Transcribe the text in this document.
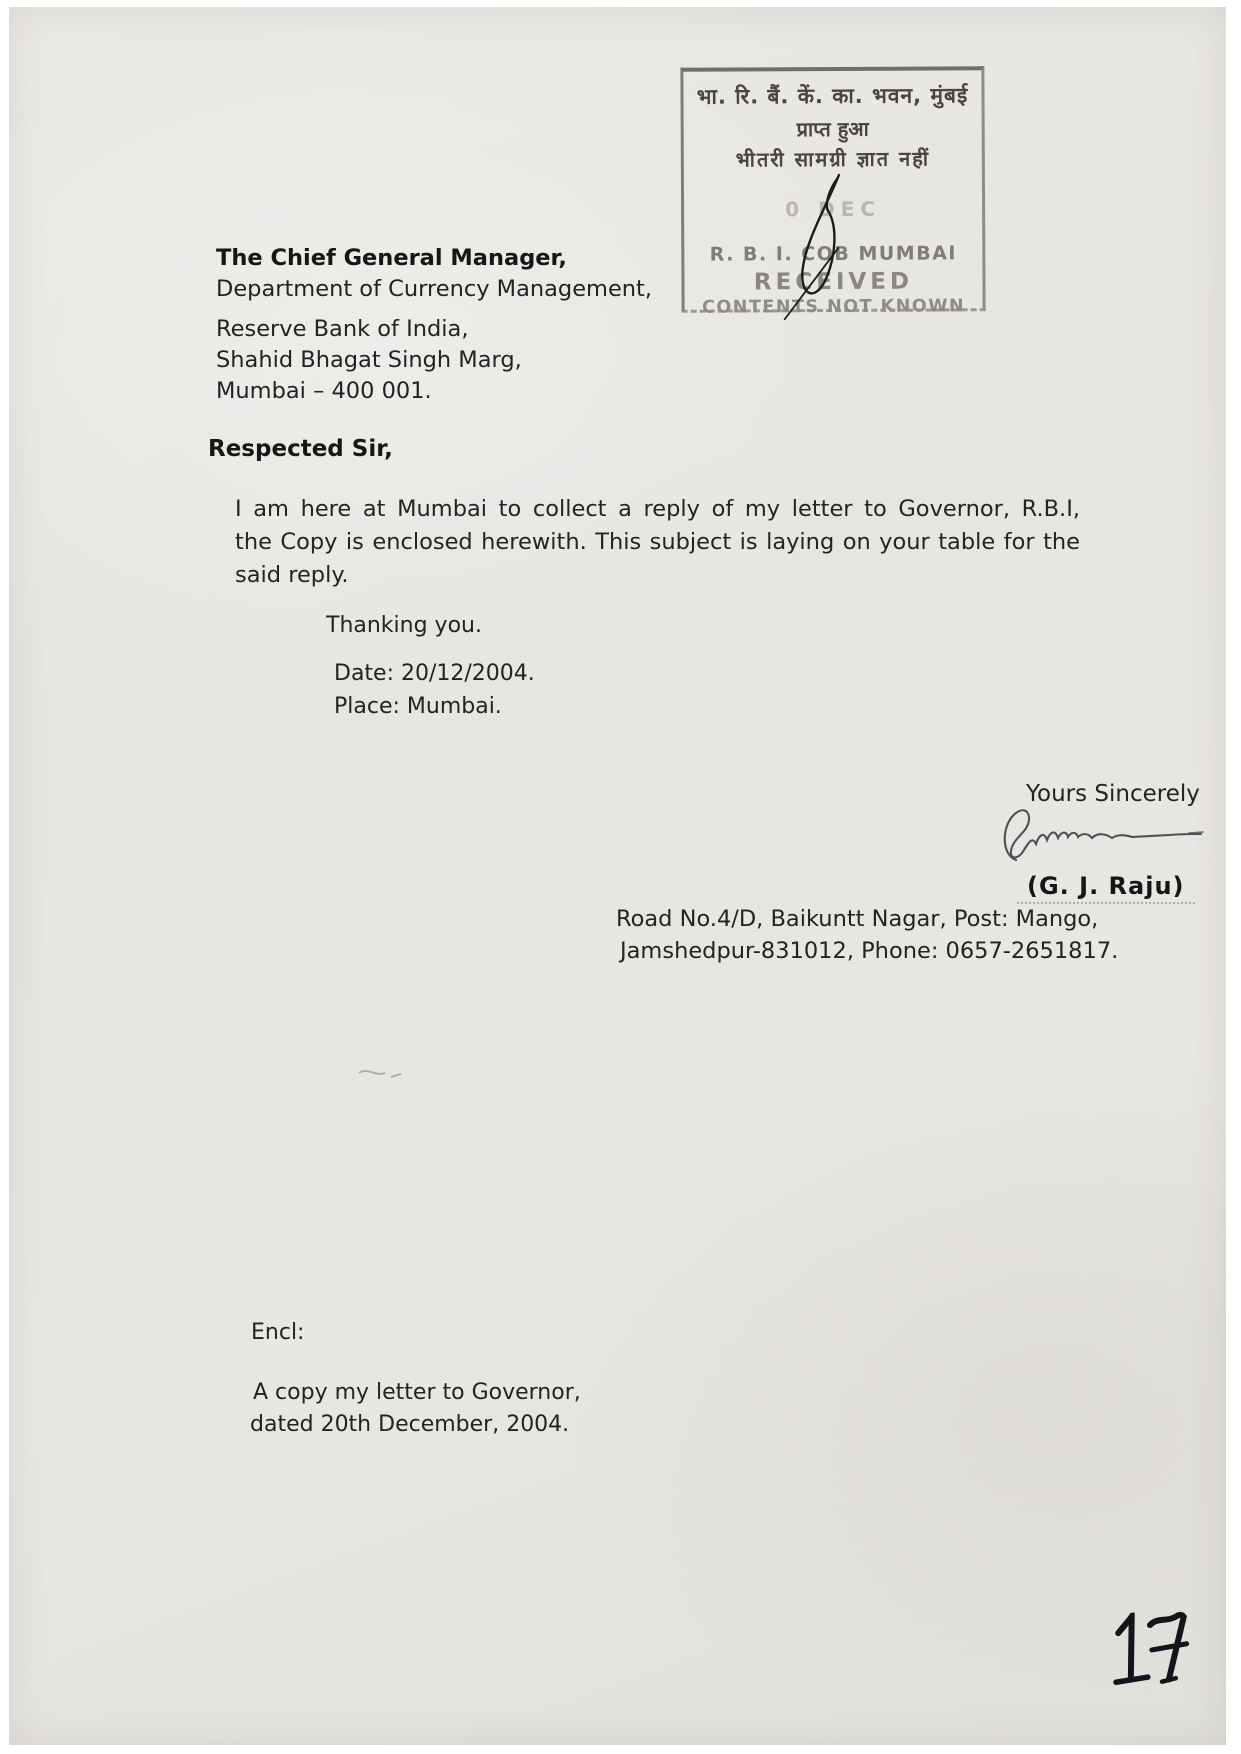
भा. रि. बैं. कें. का. भवन, मुंबई
प्राप्त हुआ
भीतरी सामग्री ज्ञात नहीं
0 DEC
R. B. I. COB MUMBAI
RECEIVED
CONTENTS NOT KNOWN
The Chief General Manager,
Department of Currency Management,
Reserve Bank of India,
Shahid Bhagat Singh Marg,
Mumbai – 400 001.
Respected Sir,
I am here at Mumbai to collect a reply of my letter to Governor, R.B.I,
the Copy is enclosed herewith. This subject is laying on your table for the
said reply.
Thanking you.
Date: 20/12/2004.
Place: Mumbai.
Yours Sincerely
(G. J. Raju)
Road No.4/D, Baikuntt Nagar, Post: Mango,
Jamshedpur-831012, Phone: 0657-2651817.
Encl:
A copy my letter to Governor,
dated 20th December, 2004.
